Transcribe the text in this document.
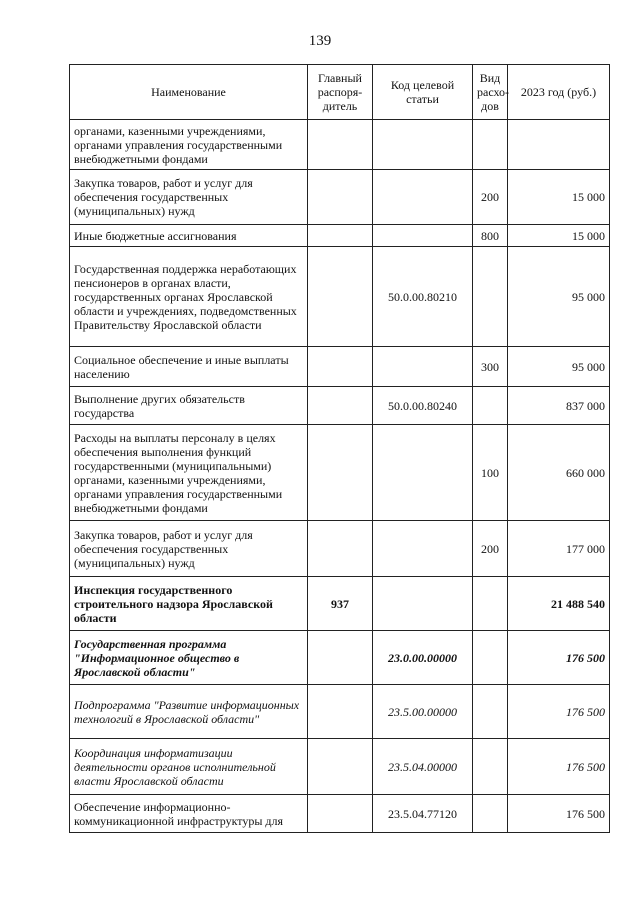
139
Наименование	Главный распоря-дитель	Код целевой статьи	Вид расхо-дов	2023 год (руб.)
органами, казенными учреждениями, органами управления государственными внебюджетными фондами				
Закупка товаров, работ и услуг для обеспечения государственных (муниципальных) нужд			200	15 000
Иные бюджетные ассигнования			800	15 000
Государственная поддержка неработающих пенсионеров в органах власти, государственных органах Ярославской области и учреждениях, подведомственных Правительству Ярославской области		50.0.00.80210		95 000
Социальное обеспечение и иные выплаты населению			300	95 000
Выполнение других обязательств государства		50.0.00.80240		837 000
Расходы на выплаты персоналу в целях обеспечения выполнения функций государственными (муниципальными) органами, казенными учреждениями, органами управления государственными внебюджетными фондами			100	660 000
Закупка товаров, работ и услуг для обеспечения государственных (муниципальных) нужд			200	177 000
Инспекция государственного строительного надзора Ярославской области	937			21 488 540
Государственная программа "Информационное общество в Ярославской области"		23.0.00.00000		176 500
Подпрограмма "Развитие информационных технологий в Ярославской области"		23.5.00.00000		176 500
Координация информатизации деятельности органов исполнительной власти Ярославской области		23.5.04.00000		176 500
Обеспечение информационно-коммуникационной инфраструктуры для		23.5.04.77120		176 500
